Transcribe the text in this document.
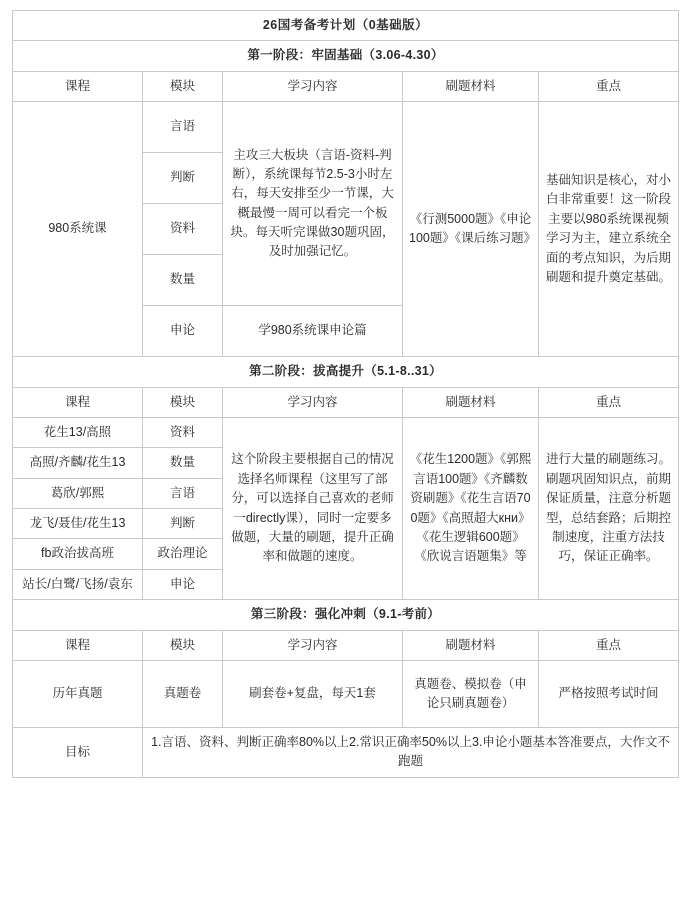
26国考备考计划（0基础版）				
第一阶段：牢固基础（3.06-4.30）				
课程	模块	学习内容	刷题材料	重点
980系统课	言语	主攻三大板块（言语-资料-判断），系统课每节2.5-3小时左右，每天安排至少一节课，大概最慢一周可以看完一个板块。每天听完课做30题巩固，及时加强记忆。	《行测5000题》《申论100题》《课后练习题》	基础知识是核心，对小白非常重要！这一阶段主要以980系统课视频学习为主，建立系统全面的考点知识，为后期刷题和提升奠定基础。
	判断			
	资料			
	数量			
	申论	学980系统课申论篇		
第二阶段：拔高提升（5.1-8..31）				
课程	模块	学习内容	刷题材料	重点
花生13/高照	资料	这个阶段主要根据自己的情况选择名师课程（这里写了部分，可以选择自己喜欢的老师一directly课），同时一定要多做题，大量的刷题，提升正确率和做题的速度。	《花生1200题》《郭熙言语100题》《齐麟数资刷题》《花生言语700题》《高照超大кни》《花生逻辑600题》《欣说言语题集》等	进行大量的刷题练习。刷题巩固知识点，前期保证质量，注意分析题型，总结套路；后期控制速度，注重方法技巧，保证正确率。
高照/齐麟/花生13	数量			
葛欣/郭熙	言语			
龙飞/聂佳/花生13	判断			
fb政治拔高班	政治理论			
站长/白鹭/飞扬/袁东	申论			
第三阶段：强化冲刺（9.1-考前）				
课程	模块	学习内容	刷题材料	重点
历年真题	真题卷	刷套卷+复盘，每天1套	真题卷、模拟卷（申论只刷真题卷）	严格按照考试时间
目标	1.言语、资料、判断正确率80%以上2.常识正确率50%以上3.申论小题基本答准要点，大作文不跑题			
